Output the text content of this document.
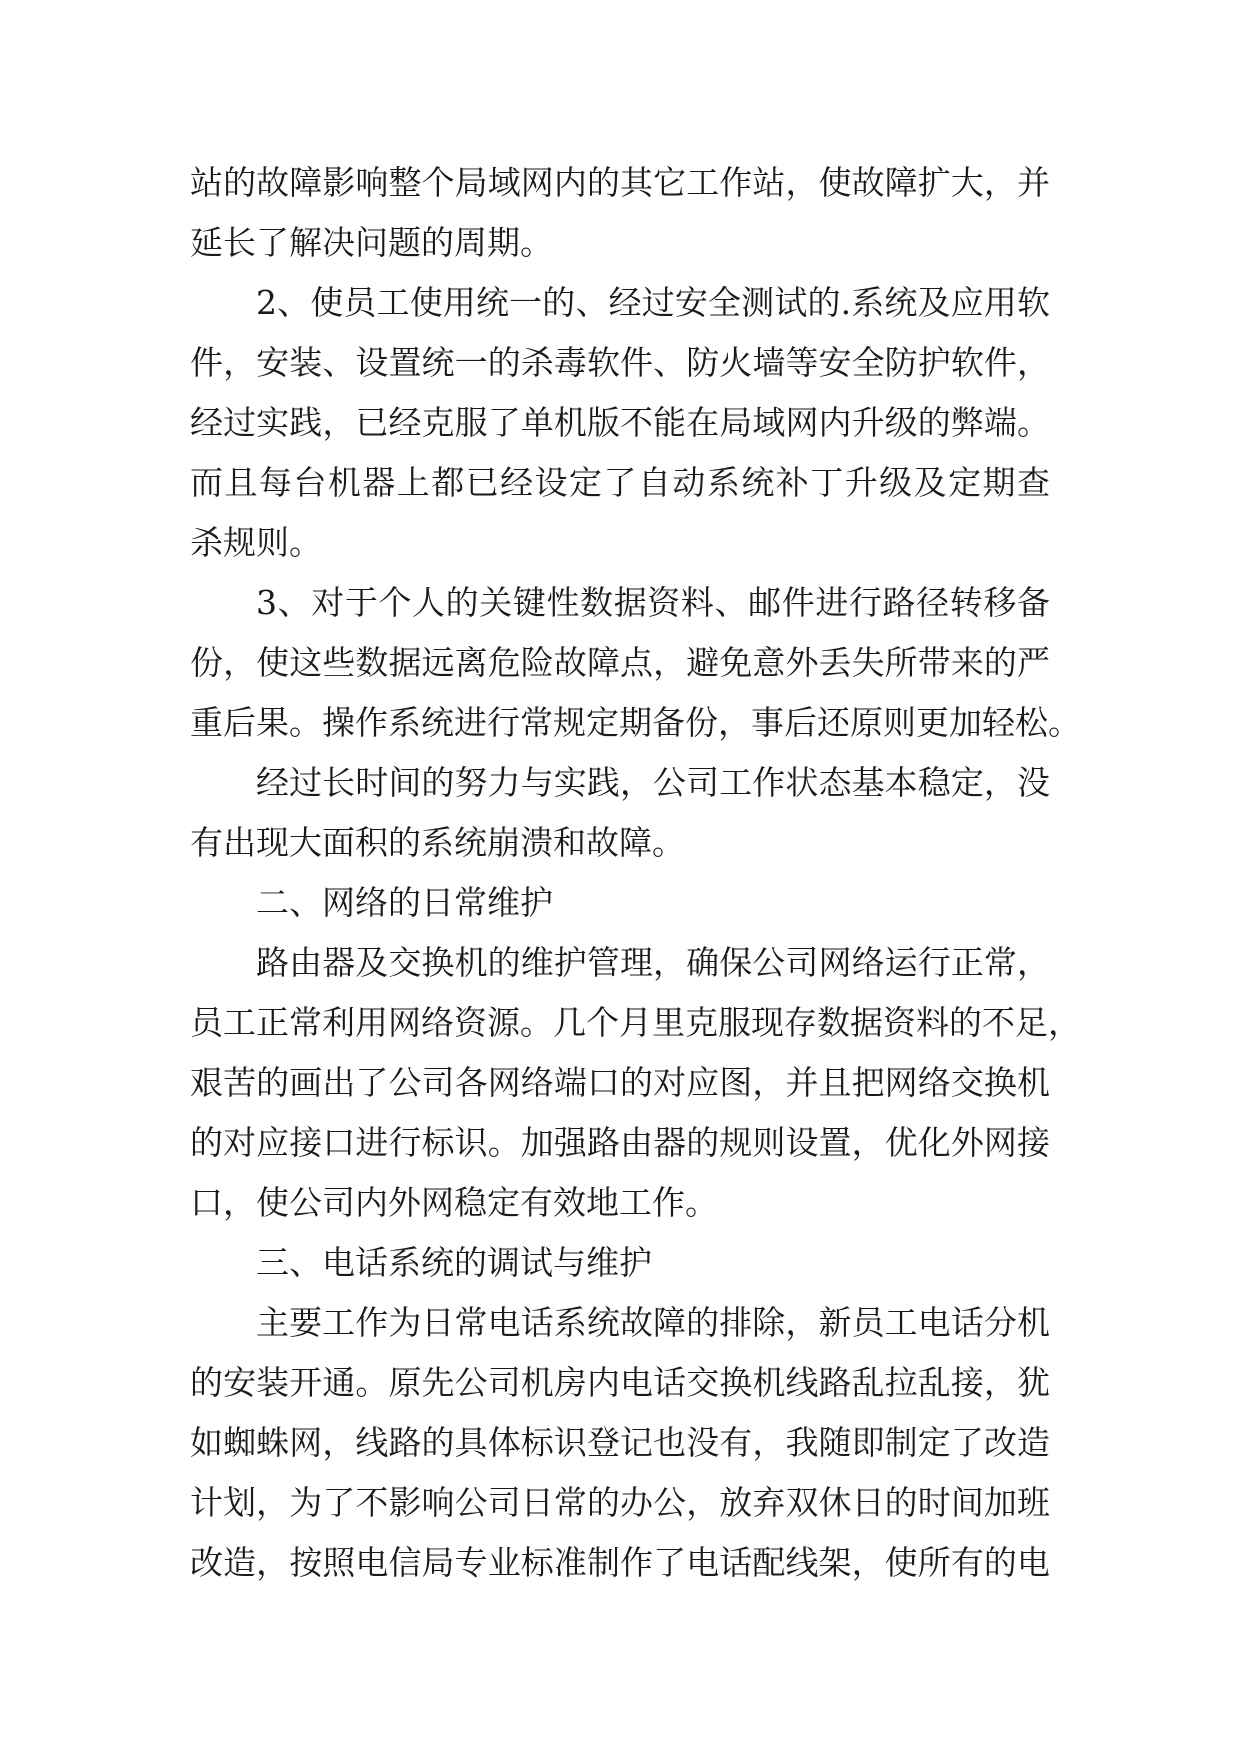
站的故障影响整个局域网内的其它工作站，使故障扩大，并
延长了解决问题的周期。
2、使员工使用统一的、经过安全测试的.系统及应用软
件，安装、设置统一的杀毒软件、防火墙等安全防护软件，
经过实践，已经克服了单机版不能在局域网内升级的弊端。
而且每台机器上都已经设定了自动系统补丁升级及定期查
杀规则。
3、对于个人的关键性数据资料、邮件进行路径转移备
份，使这些数据远离危险故障点，避免意外丢失所带来的严
重后果。操作系统进行常规定期备份，事后还原则更加轻松。
经过长时间的努力与实践，公司工作状态基本稳定，没
有出现大面积的系统崩溃和故障。
二、网络的日常维护
路由器及交换机的维护管理，确保公司网络运行正常，
员工正常利用网络资源。几个月里克服现存数据资料的不足，
艰苦的画出了公司各网络端口的对应图，并且把网络交换机
的对应接口进行标识。加强路由器的规则设置，优化外网接
口，使公司内外网稳定有效地工作。
三、电话系统的调试与维护
主要工作为日常电话系统故障的排除，新员工电话分机
的安装开通。原先公司机房内电话交换机线路乱拉乱接，犹
如蜘蛛网，线路的具体标识登记也没有，我随即制定了改造
计划，为了不影响公司日常的办公，放弃双休日的时间加班
改造，按照电信局专业标准制作了电话配线架，使所有的电
